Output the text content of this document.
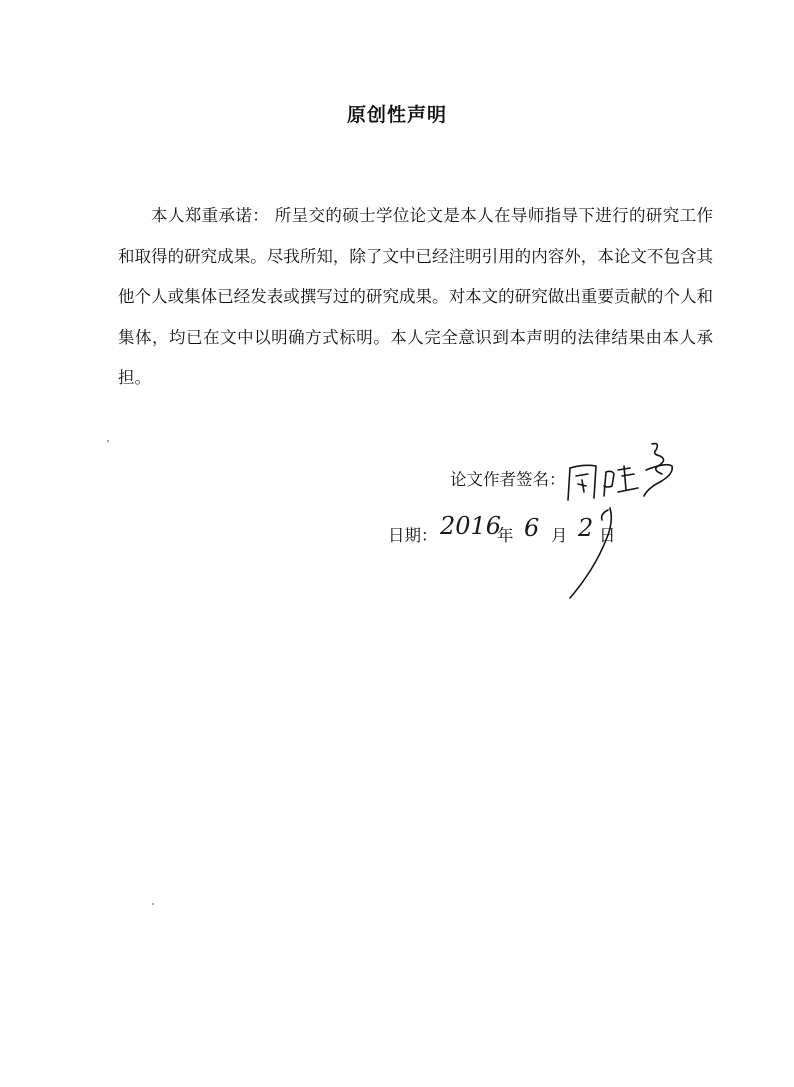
原创性声明

本人郑重承诺： 所呈交的硕士学位论文是本人在导师指导下进行的研究工作和取得的研究成果。尽我所知，除了文中已经注明引用的内容外，本论文不包含其他个人或集体已经发表或撰写过的研究成果。对本文的研究做出重要贡献的个人和集体，均已在文中以明确方式标明。本人完全意识到本声明的法律结果由本人承担。

论文作者签名：
日期： 2016
年 6 月 2 日
